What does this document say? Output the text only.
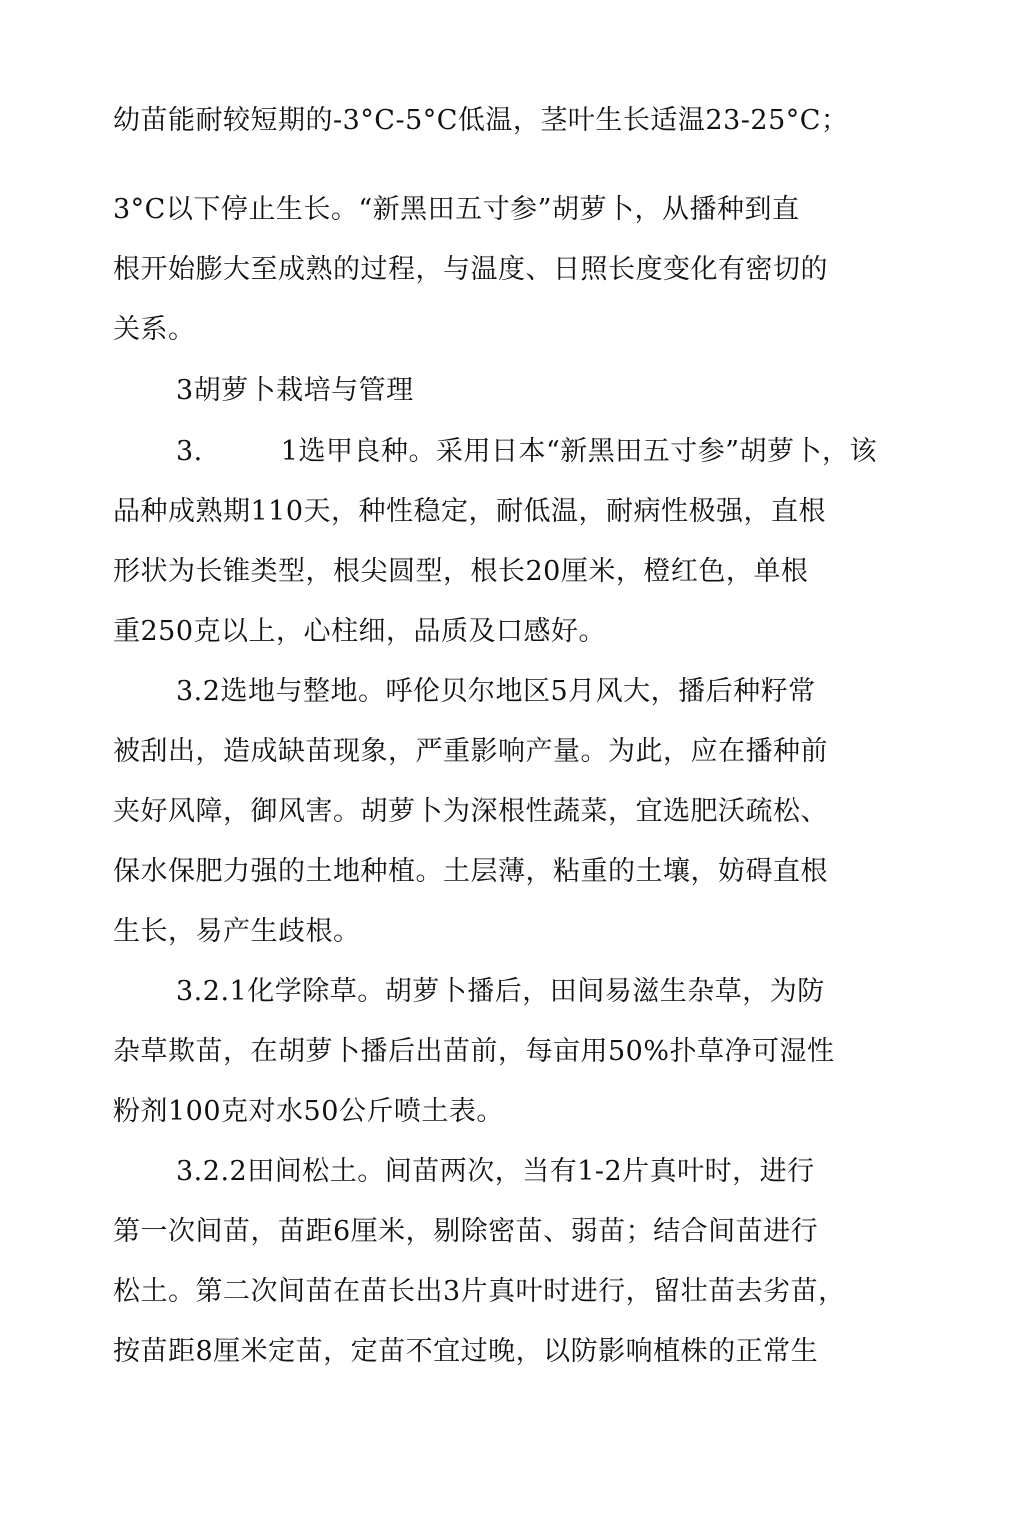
幼苗能耐较短期的-3°C-5°C低温，茎叶生长适温23-25°C；
3°C以下停止生长。“新黑田五寸参”胡萝卜，从播种到直
根开始膨大至成熟的过程，与温度、日照长度变化有密切的
关系。
3胡萝卜栽培与管理
3.	1选甲良种。采用日本“新黑田五寸参”胡萝卜，该
品种成熟期110天，种性稳定，耐低温，耐病性极强，直根
形状为长锥类型，根尖圆型，根长20厘米，橙红色，单根
重250克以上，心柱细，品质及口感好。
3.2选地与整地。呼伦贝尔地区5月风大，播后种籽常
被刮出，造成缺苗现象，严重影响产量。为此，应在播种前
夹好风障，御风害。胡萝卜为深根性蔬菜，宜选肥沃疏松、
保水保肥力强的土地种植。土层薄，粘重的土壤，妨碍直根
生长，易产生歧根。
3.2.1化学除草。胡萝卜播后，田间易滋生杂草，为防
杂草欺苗，在胡萝卜播后出苗前，每亩用50%扑草净可湿性
粉剂100克对水50公斤喷土表。
3.2.2田间松土。间苗两次，当有1-2片真叶时，进行
第一次间苗，苗距6厘米，剔除密苗、弱苗；结合间苗进行
松土。第二次间苗在苗长出3片真叶时进行，留壮苗去劣苗，
按苗距8厘米定苗，定苗不宜过晚，以防影响植株的正常生
